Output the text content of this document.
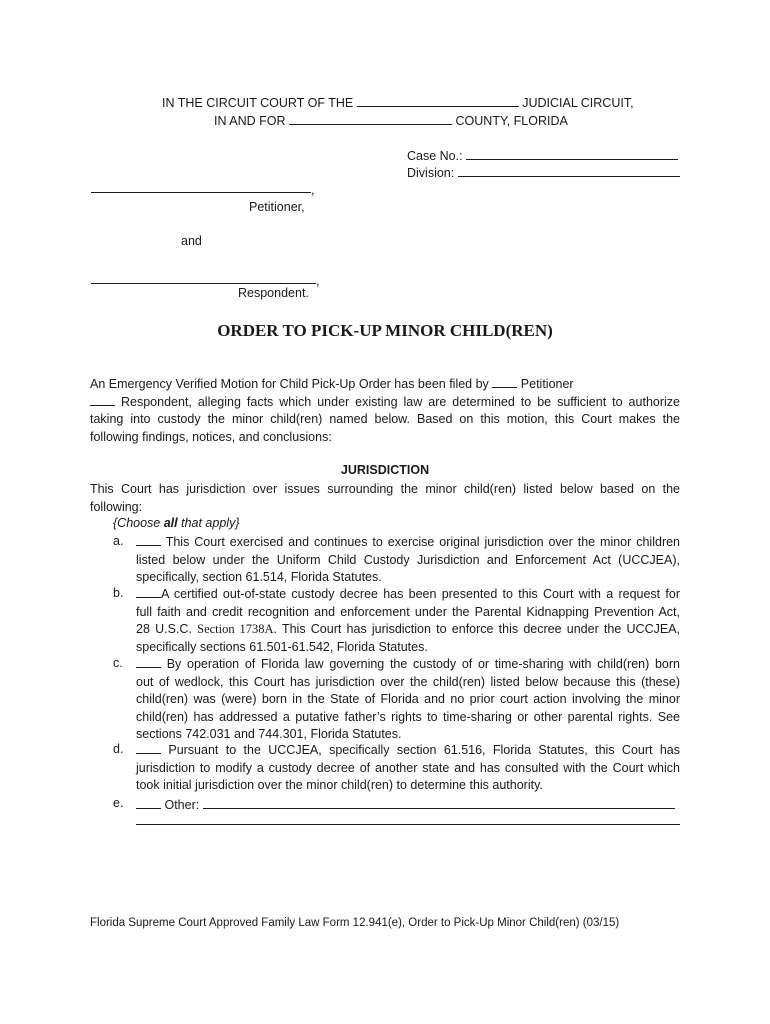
IN THE CIRCUIT COURT OF THE	JUDICIAL CIRCUIT,
IN AND FOR	COUNTY, FLORIDA
Case No.:
Division:
,
Petitioner,
and
,
Respondent.
ORDER TO PICK-UP MINOR CHILD(REN)
An Emergency Verified Motion for Child Pick-Up Order has been filed by	Petitioner
Respondent, alleging facts which under existing law are determined to be sufficient to authorize
taking into custody the minor child(ren) named below. Based on this motion, this Court makes the
following findings, notices, and conclusions:
JURISDICTION
This Court has jurisdiction over issues surrounding the minor child(ren) listed below based on the
following:
{Choose all that apply}
a.	This Court exercised and continues to exercise original jurisdiction over the minor children
listed below under the Uniform Child Custody Jurisdiction and Enforcement Act (UCCJEA),
specifically, section 61.514, Florida Statutes.
b.	A certified out-of-state custody decree has been presented to this Court with a request for
full faith and credit recognition and enforcement under the Parental Kidnapping Prevention Act,
28 U.S.C. Section 1738A. This Court has jurisdiction to enforce this decree under the UCCJEA,
specifically sections 61.501-61.542, Florida Statutes.
c.	By operation of Florida law governing the custody of or time-sharing with child(ren) born
out of wedlock, this Court has jurisdiction over the child(ren) listed below because this (these)
child(ren) was (were) born in the State of Florida and no prior court action involving the minor
child(ren) has addressed a putative father’s rights to time-sharing or other parental rights. See
sections 742.031 and 744.301, Florida Statutes.
d.	Pursuant to the UCCJEA, specifically section 61.516, Florida Statutes, this Court has
jurisdiction to modify a custody decree of another state and has consulted with the Court which
took initial jurisdiction over the minor child(ren) to determine this authority.
e.	Other:
Florida Supreme Court Approved Family Law Form 12.941(e), Order to Pick-Up Minor Child(ren) (03/15)
